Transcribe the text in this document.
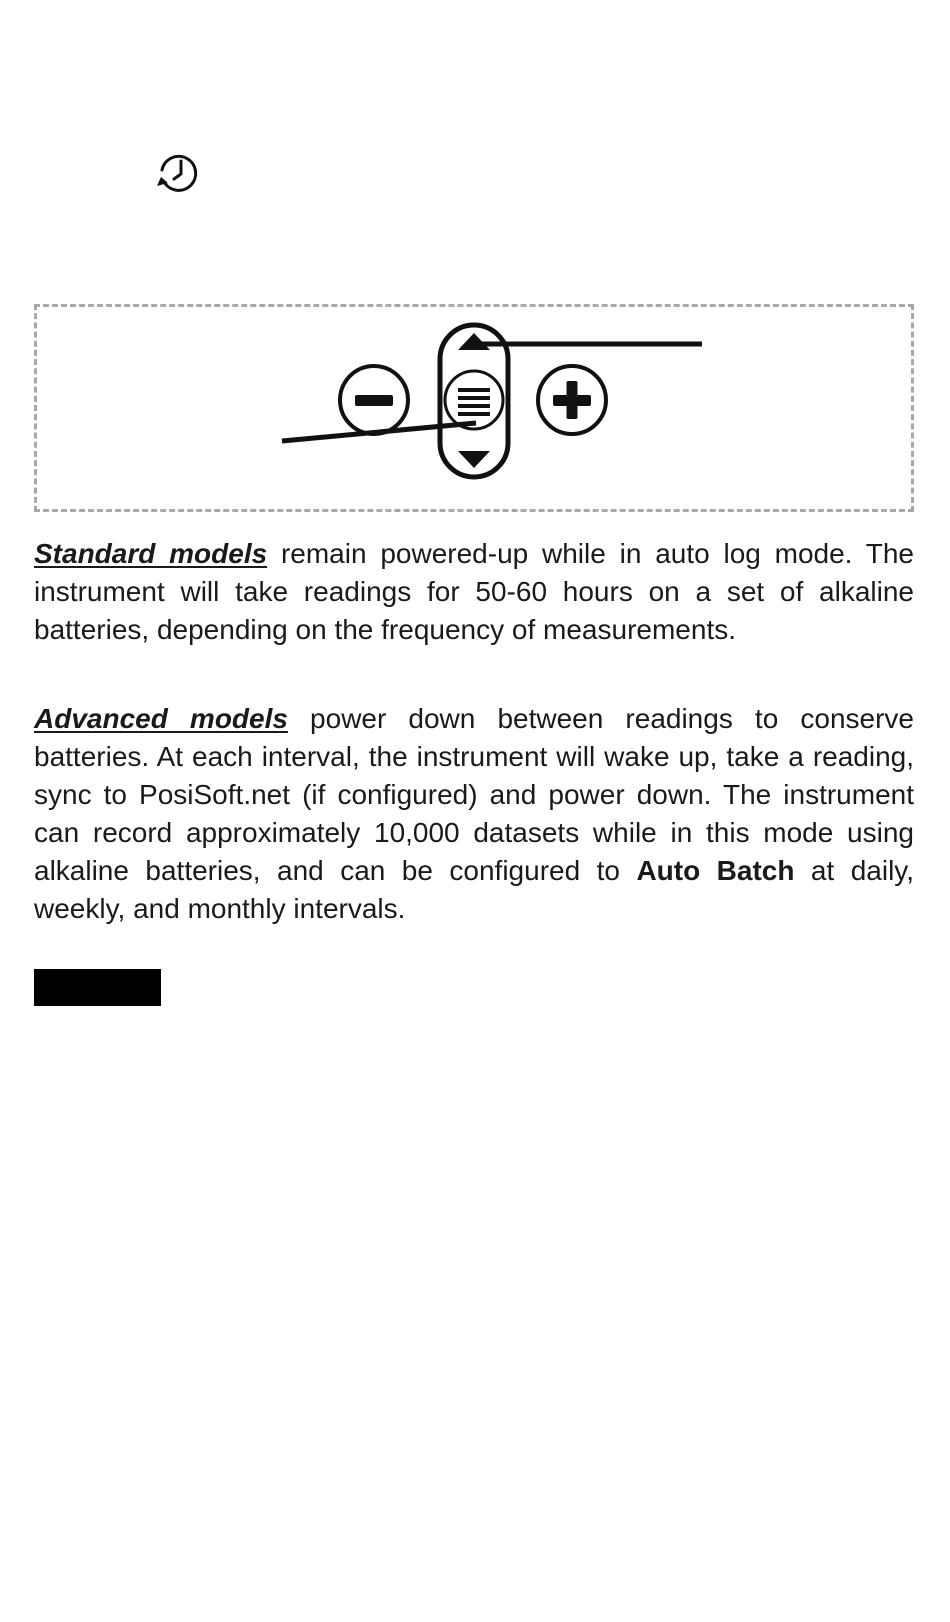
Standard models remain powered-up while in auto log mode. The instrument will take readings for 50-60 hours on a set of alkaline batteries, depending on the frequency of measurements.

Advanced models power down between readings to conserve batteries. At each interval, the instrument will wake up, take a reading, sync to PosiSoft.net (if configured) and power down. The instrument can record approximately 10,000 datasets while in this mode using alkaline batteries, and can be configured to Auto Batch at daily, weekly, and monthly intervals.
